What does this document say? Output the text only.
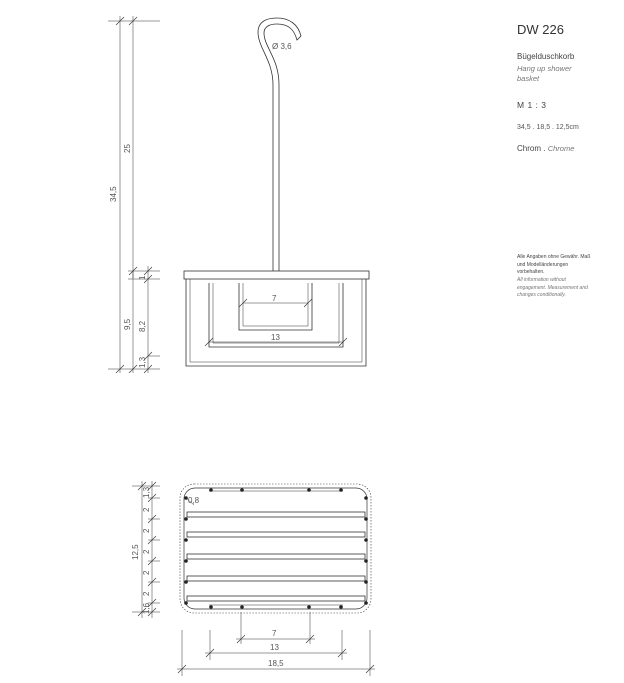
Ø 3,6
34,5
25
9,5 8,2
1
1,3
7
13
12,5
1,3
2
2
2
2
2
1,6
0,8
7
13
18,5
DW 226
Bügelduschkorb
Hang up shower basket
M 1 : 3
34,5 . 18,5 . 12,5cm
Chrom . Chrome
Alle Angaben ohne Gewähr. Maß und Modelländerungen vorbehalten.
All information without engagement. Measurement and changes conditionally.
